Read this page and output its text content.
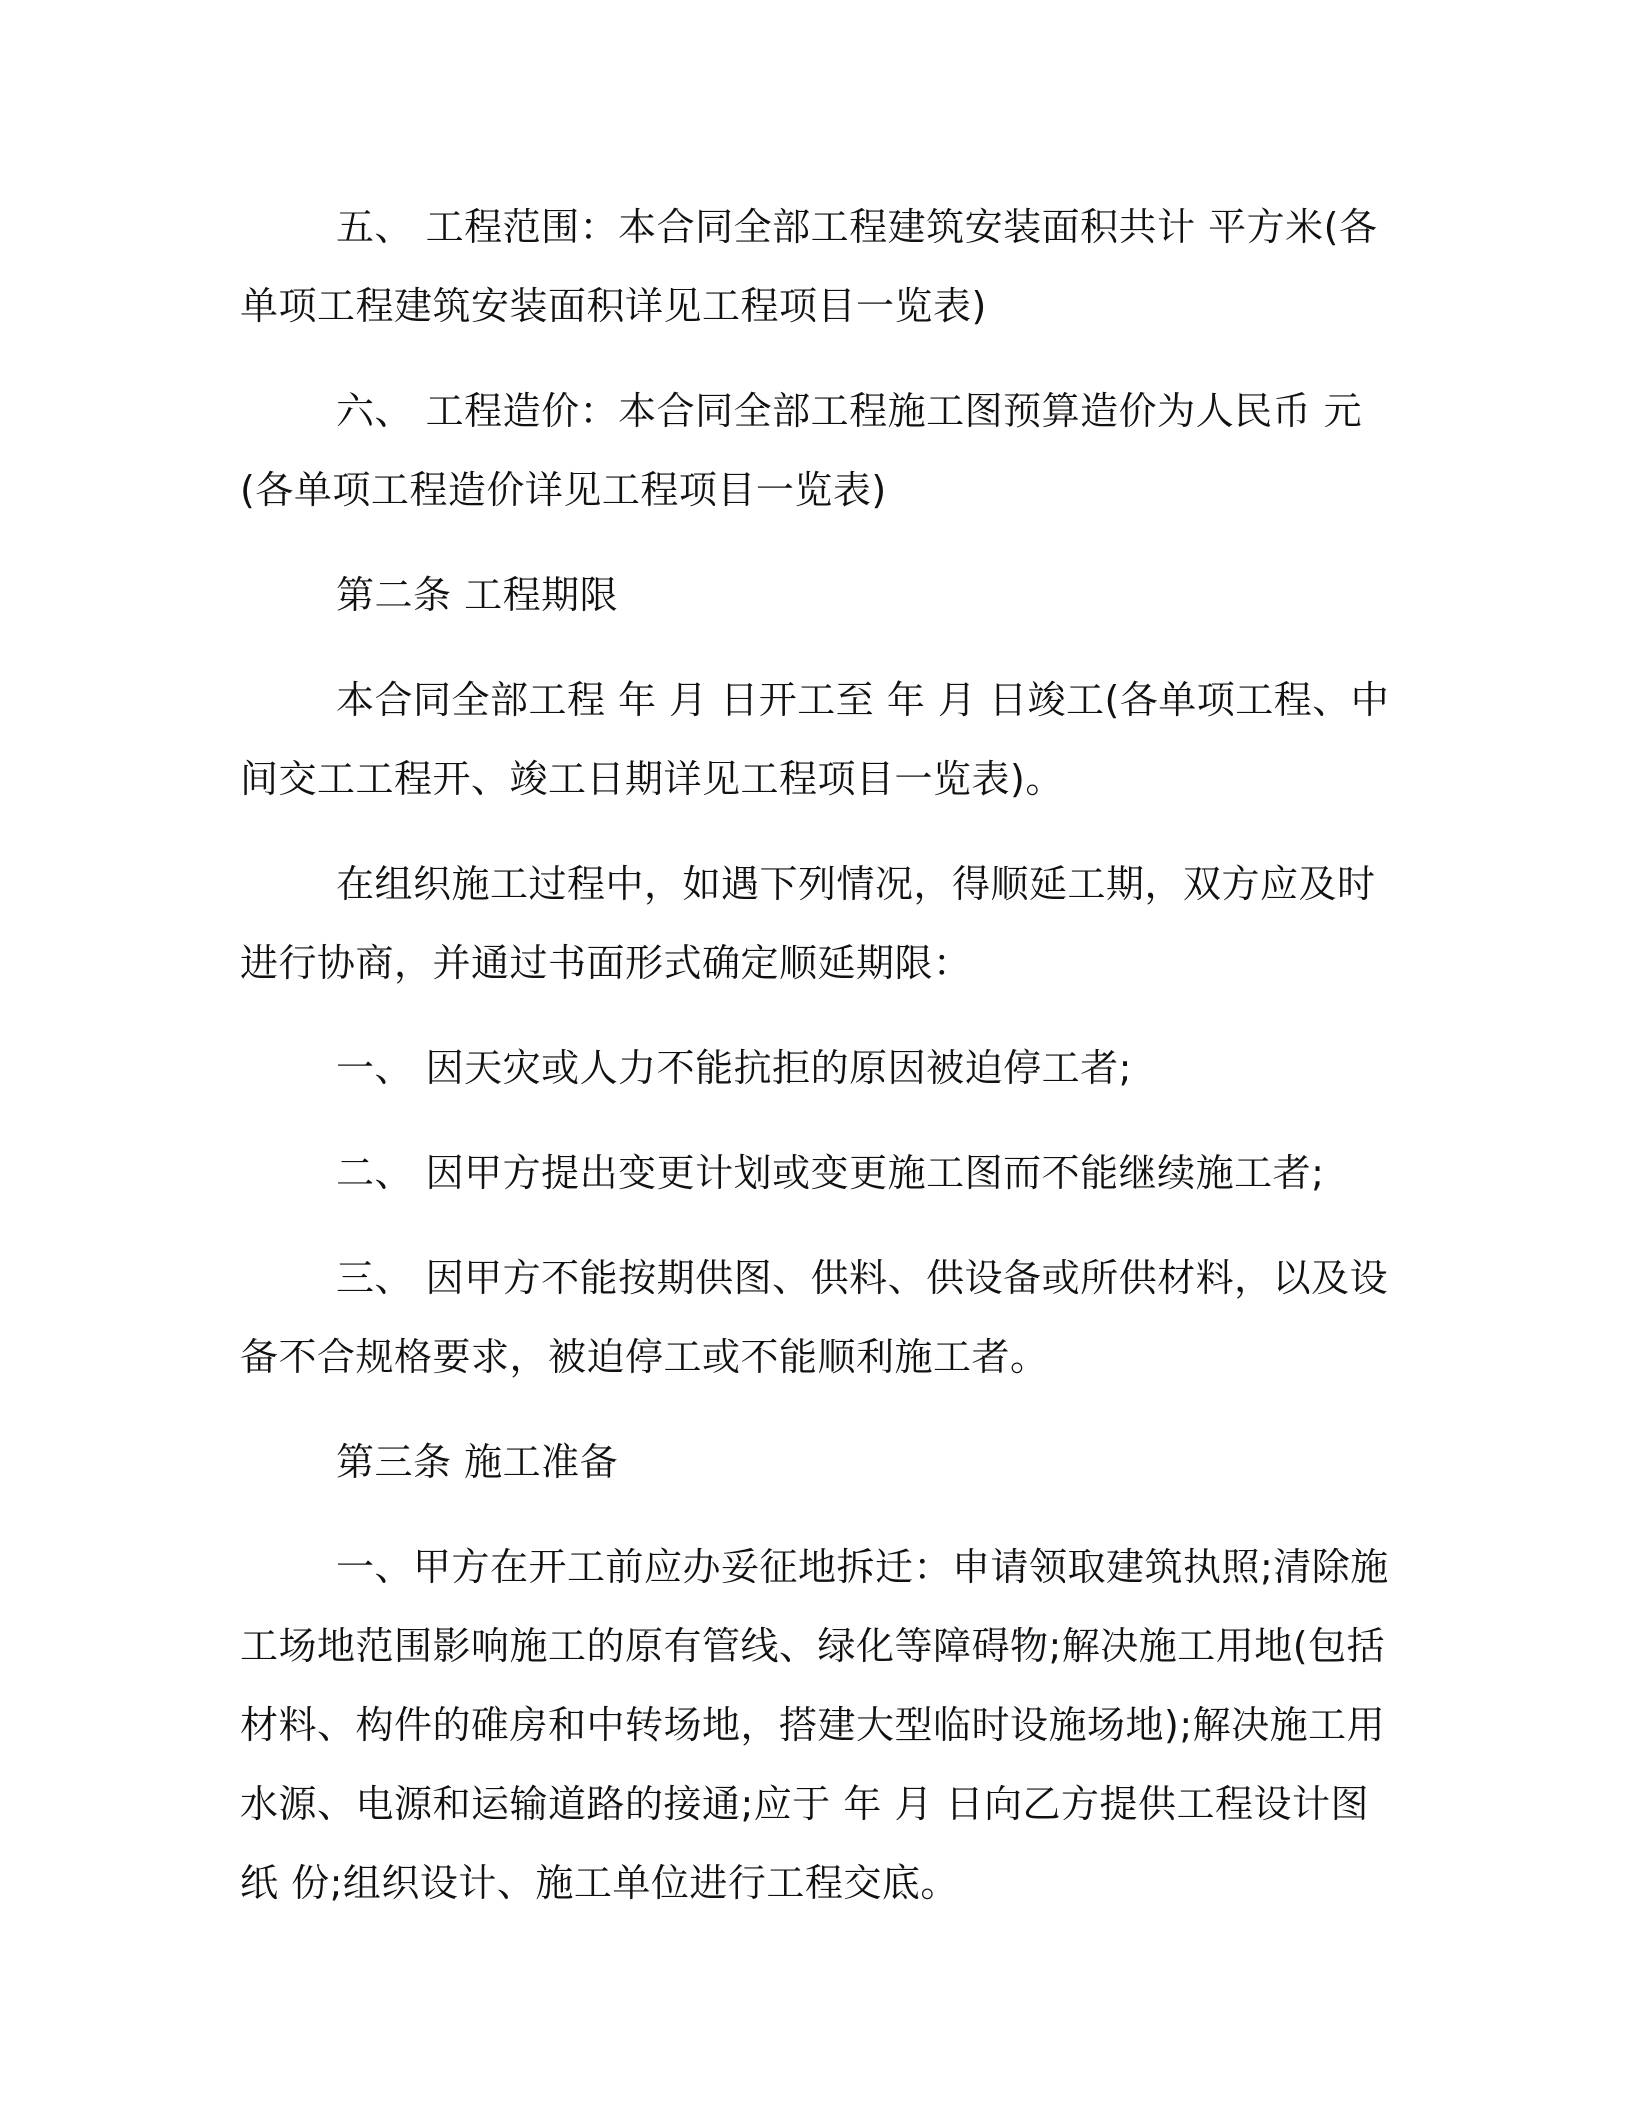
五、 工程范围：本合同全部工程建筑安装面积共计 平方米(各单项工程建筑安装面积详见工程项目一览表)

六、 工程造价：本合同全部工程施工图预算造价为人民币 元(各单项工程造价详见工程项目一览表)

第二条 工程期限

本合同全部工程 年 月 日开工至 年 月 日竣工(各单项工程、中间交工工程开、竣工日期详见工程项目一览表)。

在组织施工过程中，如遇下列情况，得顺延工期，双方应及时进行协商，并通过书面形式确定顺延期限：

一、 因天灾或人力不能抗拒的原因被迫停工者;

二、 因甲方提出变更计划或变更施工图而不能继续施工者;

三、 因甲方不能按期供图、供料、供设备或所供材料，以及设备不合规格要求，被迫停工或不能顺利施工者。

第三条 施工准备

一、甲方在开工前应办妥征地拆迁：申请领取建筑执照;清除施工场地范围影响施工的原有管线、绿化等障碍物;解决施工用地(包括材料、构件的碓房和中转场地，搭建大型临时设施场地);解决施工用水源、电源和运输道路的接通;应于 年 月 日向乙方提供工程设计图纸 份;组织设计、施工单位进行工程交底。
